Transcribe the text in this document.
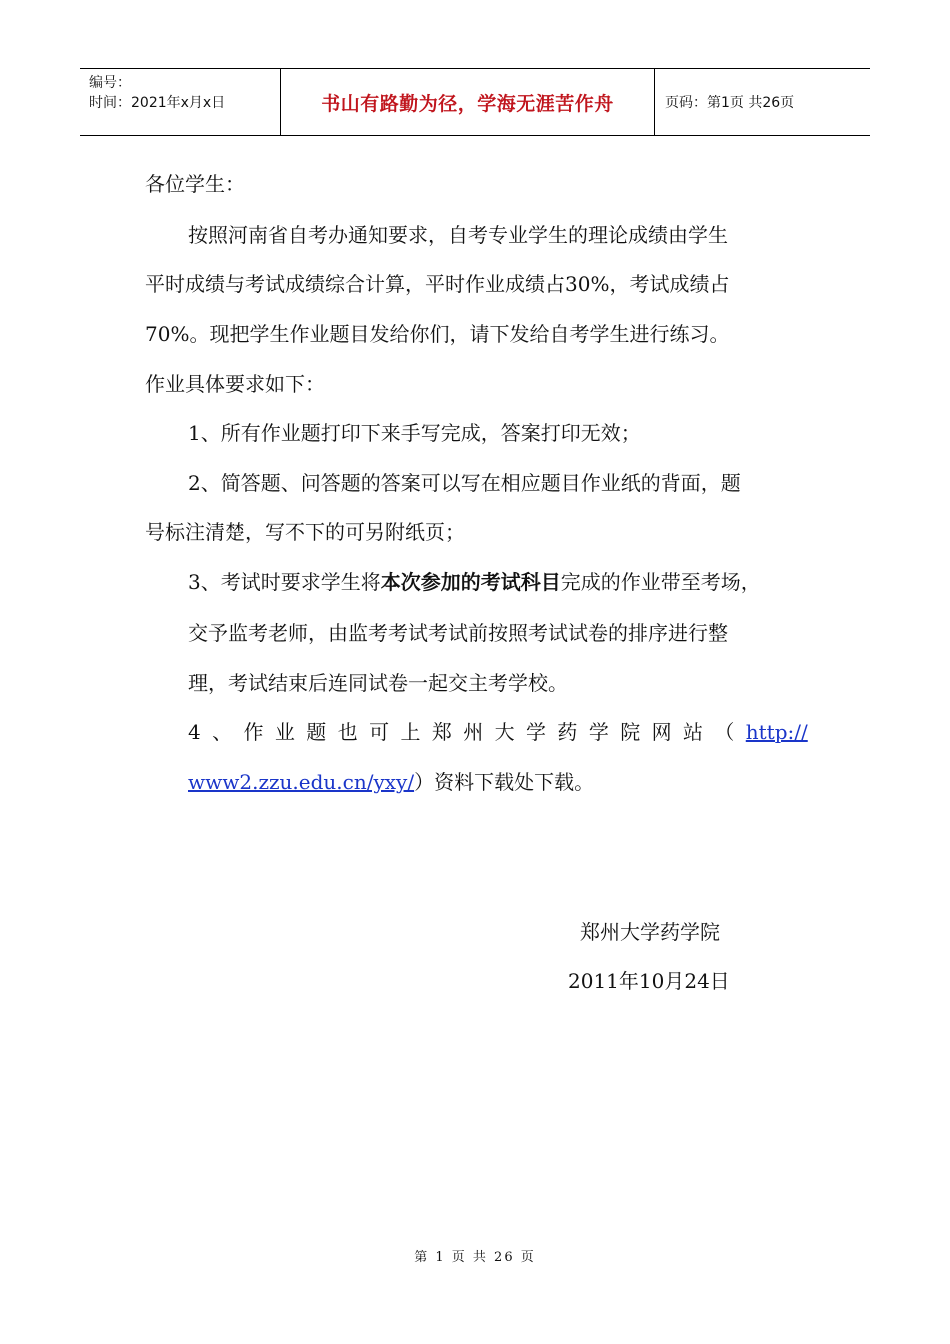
编号：
时间：2021年x月x日	书山有路勤为径，学海无涯苦作舟	页码：第1页 共26页
各位学生：
按照河南省自考办通知要求，自考专业学生的理论成绩由学生
平时成绩与考试成绩综合计算，平时作业成绩占30%，考试成绩占
70%。现把学生作业题目发给你们，请下发给自考学生进行练习。
作业具体要求如下：
1、所有作业题打印下来手写完成，答案打印无效；
2、简答题、问答题的答案可以写在相应题目作业纸的背面，题
号标注清楚，写不下的可另附纸页；
3、考试时要求学生将本次参加的考试科目完成的作业带至考场，
交予监考老师，由监考考试考试前按照考试试卷的排序进行整
理，考试结束后连同试卷一起交主考学校。
4 、 作 业 题 也 可 上 郑 州 大 学 药 学 院 网 站 （ http://
www2.zzu.edu.cn/yxy/）资料下载处下载。
郑州大学药学院
2011年10月24日
第 1 页 共 26 页
